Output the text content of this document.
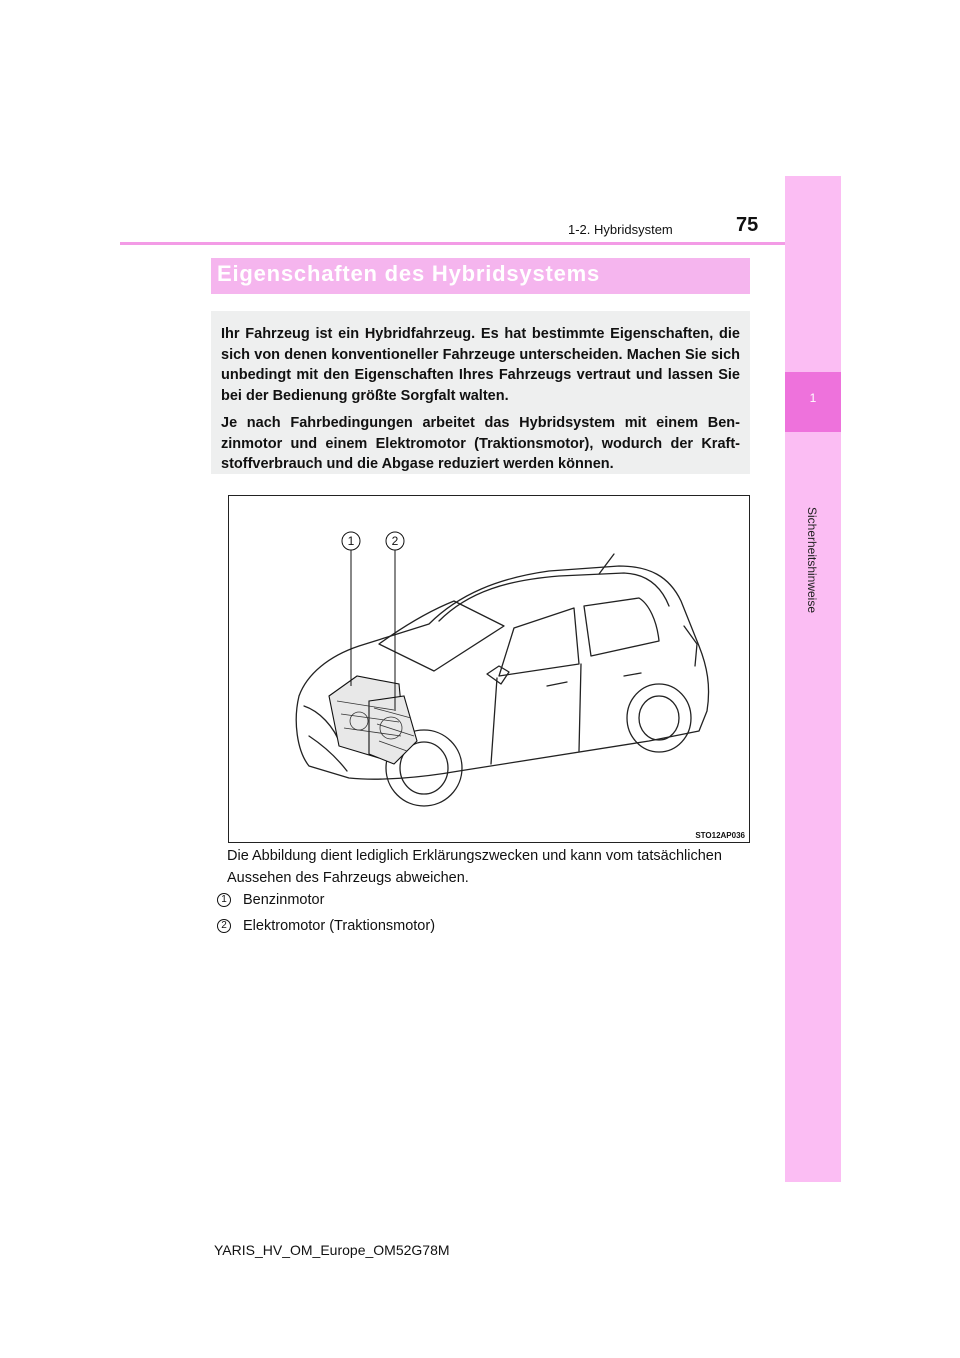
1
Sicherheitshinweise
1-2. Hybridsystem	75
Eigenschaften des Hybridsystems

Ihr Fahrzeug ist ein Hybridfahrzeug. Es hat bestimmte Eigenschaften, die sich von denen konventioneller Fahrzeuge unterscheiden. Machen Sie sich unbedingt mit den Eigenschaften Ihres Fahrzeugs vertraut und lassen Sie bei der Bedienung größte Sorgfalt walten.

Je nach Fahrbedingungen arbeitet das Hybridsystem mit einem Ben-zinmotor und einem Elektromotor (Traktionsmotor), wodurch der Kraft-stoffverbrauch und die Abgase reduziert werden können.

1	2
STO12AP036
Die Abbildung dient lediglich Erklärungszwecken und kann vom tatsächlichen Aussehen des Fahrzeugs abweichen.
1 Benzinmotor
2 Elektromotor (Traktionsmotor)
YARIS_HV_OM_Europe_OM52G78M
